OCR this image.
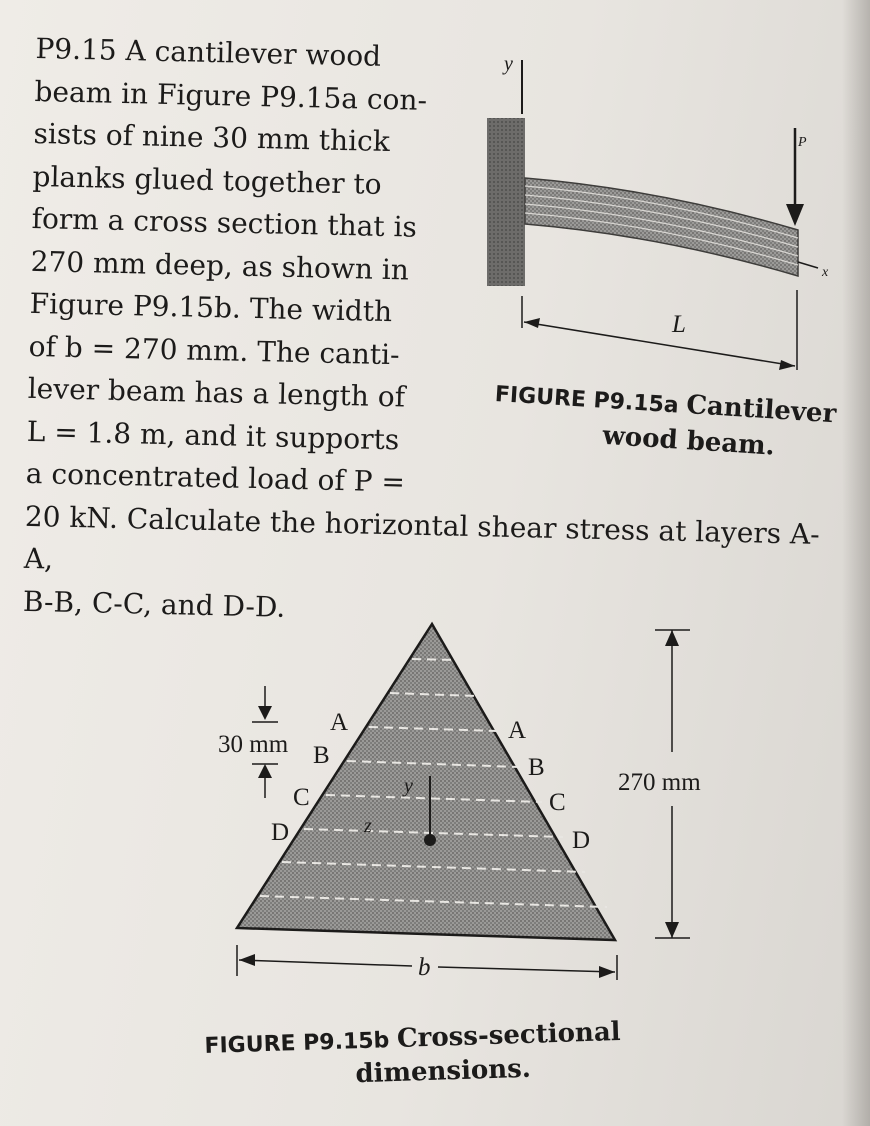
P9.15 A cantilever wood
beam in Figure P9.15a con-
sists of nine 30 mm thick
planks glued together to
form a cross section that is
270 mm deep, as shown in
Figure P9.15b. The width
of b = 270 mm. The canti-
lever beam has a length of
L = 1.8 m, and it supports
a concentrated load of P =
20 kN. Calculate the horizontal shear stress at layers A-A,
B-B, C-C, and D-D.
y
P
x
L
y
z
A
B
C
D
A
B
C
D
30 mm
270 mm
b
FIGURE P9.15a Cantilever
wood beam.
FIGURE P9.15b Cross-sectional
dimensions.
